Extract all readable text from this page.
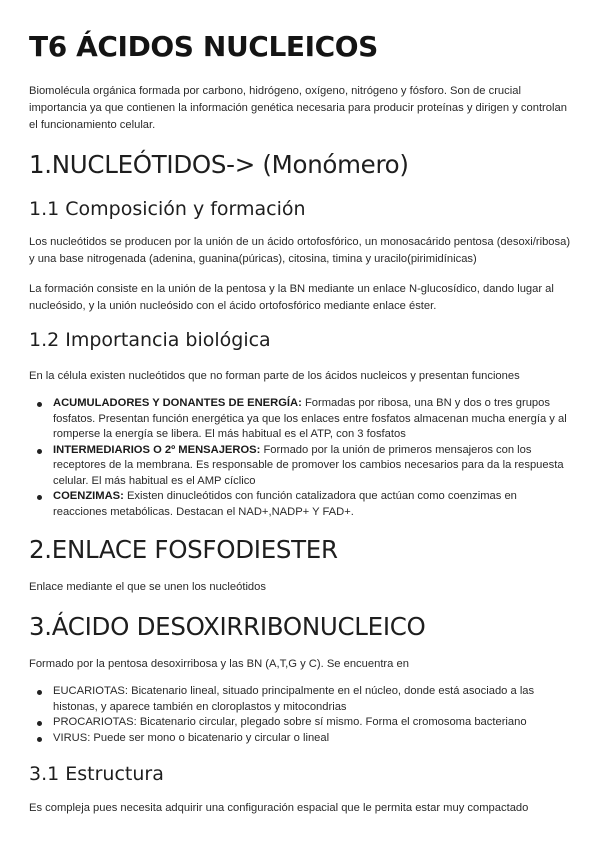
T6 ÁCIDOS NUCLEICOS

Biomolécula orgánica formada por carbono, hidrógeno, oxígeno, nitrógeno y fósforo. Son de crucial importancia ya que contienen la información genética necesaria para producir proteínas y dirigen y controlan el funcionamiento celular.

1.NUCLEÓTIDOS-> (Monómero)
1.1 Composición y formación

Los nucleótidos se producen por la unión de un ácido ortofosfórico, un monosacárido pentosa (desoxi/ribosa) y una base nitrogenada (adenina, guanina(púricas), citosina, timina y uracilo(pirimidínicas)

La formación consiste en la unión de la pentosa y la BN mediante un enlace N-glucosídico, dando lugar al nucleósido, y la unión nucleósido con el ácido ortofosfórico mediante enlace éster.

1.2 Importancia biológica

En la célula existen nucleótidos que no forman parte de los ácidos nucleicos y presentan funciones

ACUMULADORES Y DONANTES DE ENERGÍA: Formadas por ribosa, una BN y dos o tres grupos fosfatos. Presentan función energética ya que los enlaces entre fosfatos almacenan mucha energía y al romperse la energía se libera. El más habitual es el ATP, con 3 fosfatos
INTERMEDIARIOS O 2º MENSAJEROS: Formado por la unión de primeros mensajeros con los receptores de la membrana. Es responsable de promover los cambios necesarios para da la respuesta celular. El más habitual es el AMP cíclico
COENZIMAS: Existen dinucleótidos con función catalizadora que actúan como coenzimas en reacciones metabólicas. Destacan el NAD+,NADP+ Y FAD+.
2.ENLACE FOSFODIESTER

Enlace mediante el que se unen los nucleótidos

3.ÁCIDO DESOXIRRIBONUCLEICO

Formado por la pentosa desoxirribosa y las BN (A,T,G y C). Se encuentra en

EUCARIOTAS: Bicatenario lineal, situado principalmente en el núcleo, donde está asociado a las histonas, y aparece también en cloroplastos y mitocondrias
PROCARIOTAS: Bicatenario circular, plegado sobre sí mismo. Forma el cromosoma bacteriano
VIRUS: Puede ser mono o bicatenario y circular o lineal
3.1 Estructura

Es compleja pues necesita adquirir una configuración espacial que le permita estar muy compactado
